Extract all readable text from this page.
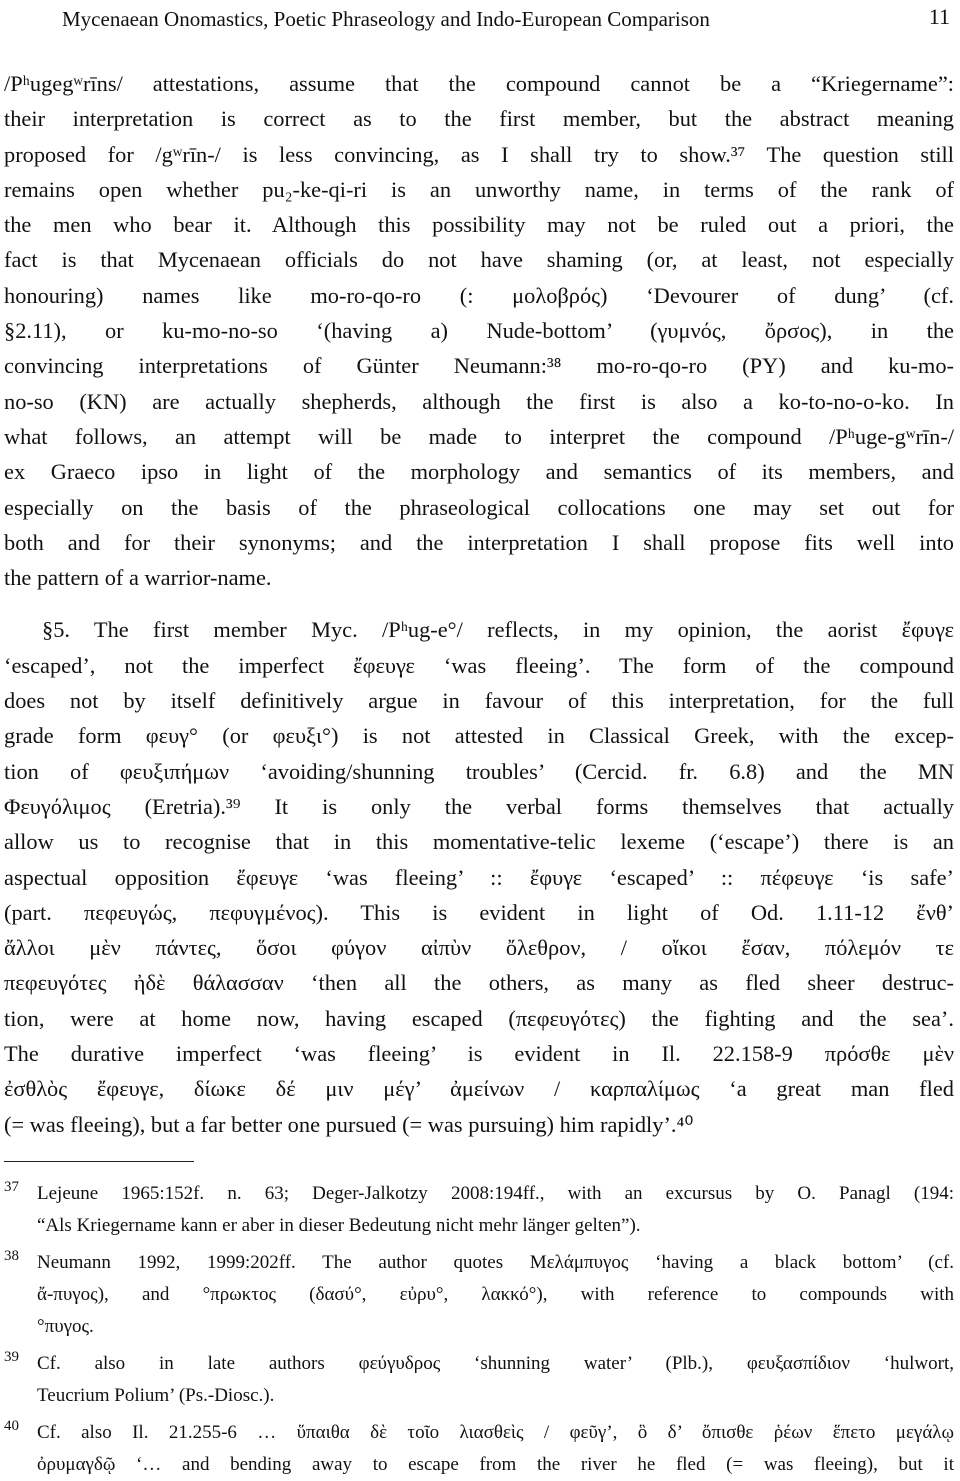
Mycenaean Onomastics, Poetic Phraseology and Indo-European Comparison	11
/Pʰugegʷrīns/ attestations, assume that the compound cannot be a “Kriegername”:
their interpretation is correct as to the first member, but the abstract meaning
proposed for /gʷrīn-/ is less convincing, as I shall try to show.³⁷ The question still
remains open whether pu₂-ke-qi-ri is an unworthy name, in terms of the rank of
the men who bear it. Although this possibility may not be ruled out a priori, the
fact is that Mycenaean officials do not have shaming (or, at least, not especially
honouring) names like mo-ro-qo-ro (: μολοβρός) ‘Devourer of dung’ (cf.
§2.11), or ku-mo-no-so ‘(having a) Nude-bottom’ (γυμνός, ὄρσος), in the
convincing interpretations of Günter Neumann:³⁸ mo-ro-qo-ro (PY) and ku-mo-
no-so (KN) are actually shepherds, although the first is also a ko-to-no-o-ko. In
what follows, an attempt will be made to interpret the compound /Pʰuge-gʷrīn-/
ex Graeco ipso in light of the morphology and semantics of its members, and
especially on the basis of the phraseological collocations one may set out for
both and for their synonyms; and the interpretation I shall propose fits well into
the pattern of a warrior-name.
§5. The first member Myc. /Pʰug-e°/ reflects, in my opinion, the aorist ἔφυγε
‘escaped’, not the imperfect ἔφευγε ‘was fleeing’. The form of the compound
does not by itself definitively argue in favour of this interpretation, for the full
grade form φευγ° (or φευξι°) is not attested in Classical Greek, with the excep-
tion of φευξιπήμων ‘avoiding/shunning troubles’ (Cercid. fr. 6.8) and the MN
Φευγόλιμος (Eretria).³⁹ It is only the verbal forms themselves that actually
allow us to recognise that in this momentative-telic lexeme (‘escape’) there is an
aspectual opposition ἔφευγε ‘was fleeing’ :: ἔφυγε ‘escaped’ :: πέφευγε ‘is safe’
(part. πεφευγώς, πεφυγμένος). This is evident in light of Od. 1.11-12 ἔνθ’
ἄλλοι μὲν πάντες, ὅσοι φύγον αἰπὺν ὄλεθρον, / οἴκοι ἔσαν, πόλεμόν τε
πεφευγότες ἠδὲ θάλασσαν ‘then all the others, as many as fled sheer destruc-
tion, were at home now, having escaped (πεφευγότες) the fighting and the sea’.
The durative imperfect ‘was fleeing’ is evident in Il. 22.158-9 πρόσθε μὲν
ἐσθλὸς ἔφευγε, δίωκε δέ μιν μέγ’ ἀμείνων / καρπαλίμως ‘a great man fled
(= was fleeing), but a far better one pursued (= was pursuing) him rapidly’.⁴⁰
37 Lejeune 1965:152f. n. 63; Deger-Jalkotzy 2008:194ff., with an excursus by O. Panagl (194:
“Als Kriegername kann er aber in dieser Bedeutung nicht mehr länger gelten”).
38 Neumann 1992, 1999:202ff. The author quotes Μελάμπυγος ‘having a black bottom’ (cf.
ἄ-πυγος), and °πρωκτος (δασύ°, εὐρυ°, λακκό°), with reference to compounds with
°πυγος.
39 Cf. also in late authors φεύγυδρος ‘shunning water’ (Plb.), φευξασπίδιον ‘hulwort,
Teucrium Polium’ (Ps.-Diosc.).
40 Cf. also Il. 21.255-6 … ὕπαιθα δὲ τοῖο λιασθεὶς / φεῦγ’, ὃ δ’ ὄπισθε ῥέων ἕπετο μεγάλῳ
ὀρυμαγδῷ ‘… and bending away to escape from the river he fled (= was fleeing), but it
